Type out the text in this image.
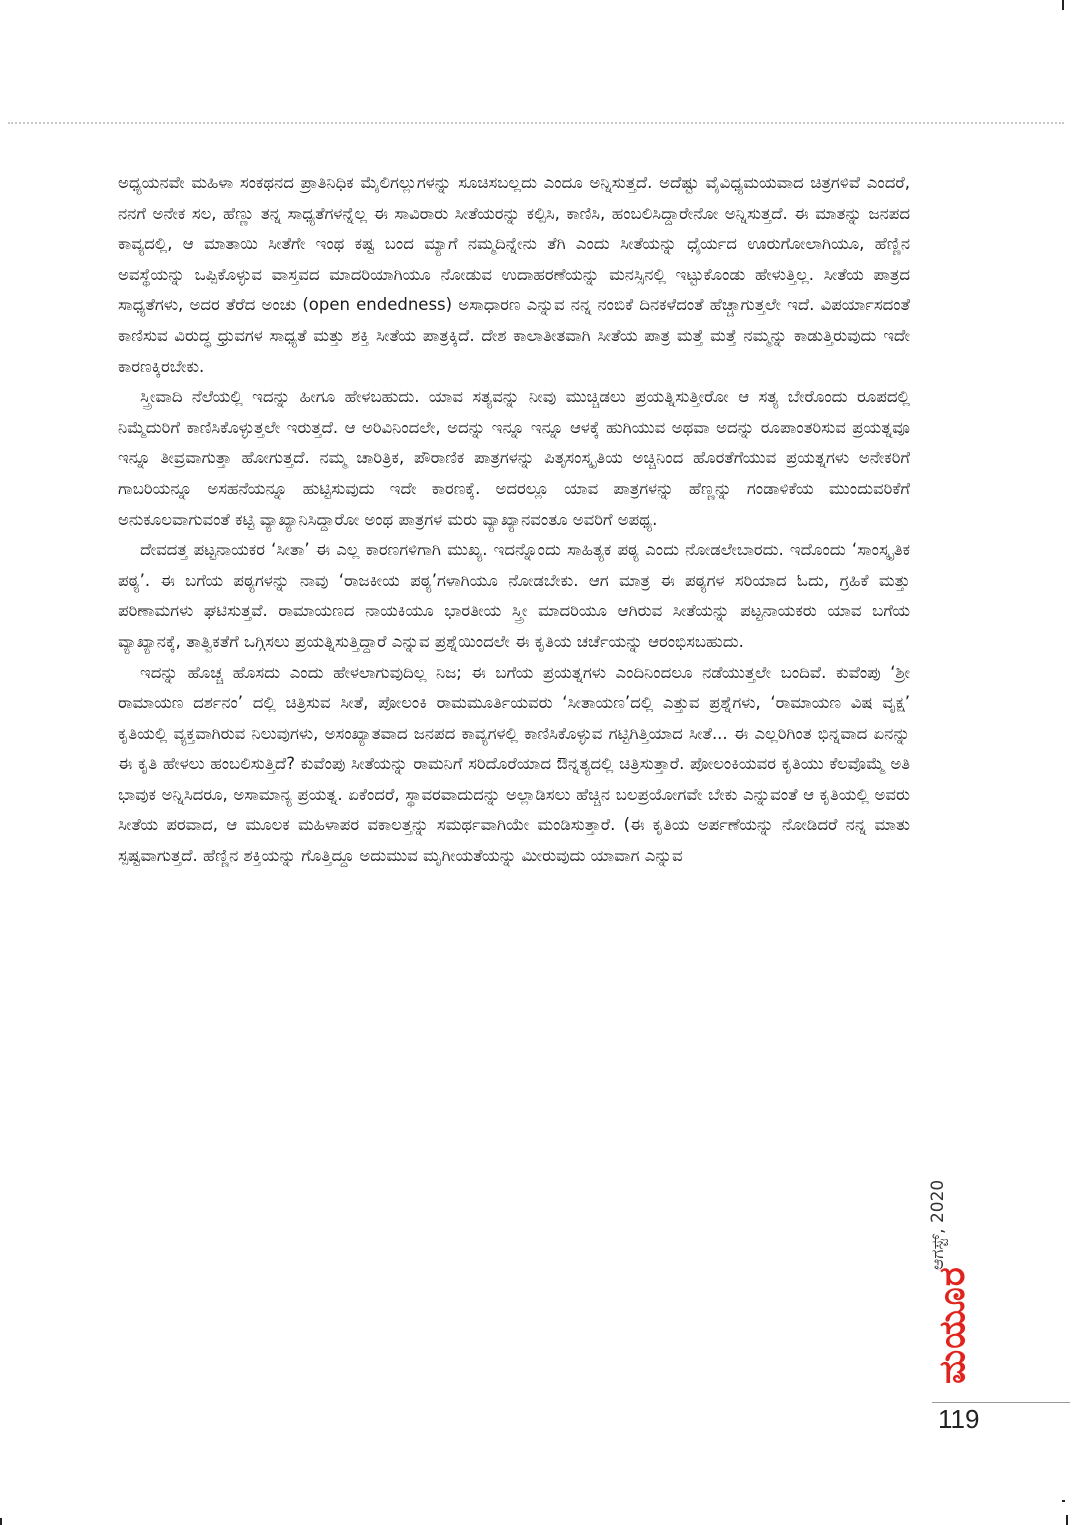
ಅಧ್ಯಯನವೇ ಮಹಿಳಾ ಸಂಕಥನದ ಪ್ರಾತಿನಿಧಿಕ ಮೈಲಿಗಲ್ಲುಗಳನ್ನು ಸೂಚಿಸಬಲ್ಲದು ಎಂದೂ ಅನ್ನಿಸುತ್ತದೆ. ಅದೆಷ್ಟು ವೈವಿಧ್ಯಮಯವಾದ ಚಿತ್ರಗಳಿವೆ ಎಂದರೆ, ನನಗೆ ಅನೇಕ ಸಲ, ಹೆಣ್ಣು ತನ್ನ ಸಾಧ್ಯತೆಗಳನ್ನೆಲ್ಲ ಈ ಸಾವಿರಾರು ಸೀತೆಯರನ್ನು ಕಲ್ಪಿಸಿ, ಕಾಣಿಸಿ, ಹಂಬಲಿಸಿದ್ದಾರೇನೋ ಅನ್ನಿಸುತ್ತದೆ. ಈ ಮಾತನ್ನು ಜನಪದ ಕಾವ್ಯದಲ್ಲಿ, ಆ ಮಾತಾಯಿ ಸೀತೆಗೇ ಇಂಥ ಕಷ್ಟ ಬಂದ ಮ್ಯಾಗೆ ನಮ್ಮದಿನ್ನೇನು ತೆಗಿ ಎಂದು ಸೀತೆಯನ್ನು ಧೈರ್ಯದ ಊರುಗೋಲಾಗಿಯೂ, ಹೆಣ್ಣಿನ ಅವಸ್ಥೆಯನ್ನು ಒಪ್ಪಿಕೊಳ್ಳುವ ವಾಸ್ತವದ ಮಾದರಿಯಾಗಿಯೂ ನೋಡುವ ಉದಾಹರಣೆಯನ್ನು ಮನಸ್ಸಿನಲ್ಲಿ ಇಟ್ಟುಕೊಂಡು ಹೇಳುತ್ತಿಲ್ಲ. ಸೀತೆಯ ಪಾತ್ರದ ಸಾಧ್ಯತೆಗಳು, ಅದರ ತೆರೆದ ಅಂಚು (open endedness) ಅಸಾಧಾರಣ ಎನ್ನುವ ನನ್ನ ನಂಬಿಕೆ ದಿನಕಳೆದಂತೆ ಹೆಚ್ಚಾಗುತ್ತಲೇ ಇದೆ. ವಿಪರ್ಯಾಸದಂತೆ ಕಾಣಿಸುವ ವಿರುದ್ಧ ಧ್ರುವಗಳ ಸಾಧ್ಯತೆ ಮತ್ತು ಶಕ್ತಿ ಸೀತೆಯ ಪಾತ್ರಕ್ಕಿದೆ. ದೇಶ ಕಾಲಾತೀತವಾಗಿ ಸೀತೆಯ ಪಾತ್ರ ಮತ್ತೆ ಮತ್ತೆ ನಮ್ಮನ್ನು ಕಾಡುತ್ತಿರುವುದು ಇದೇ ಕಾರಣಕ್ಕಿರಬೇಕು.

ಸ್ತ್ರೀವಾದಿ ನೆಲೆಯಲ್ಲಿ ಇದನ್ನು ಹೀಗೂ ಹೇಳಬಹುದು. ಯಾವ ಸತ್ಯವನ್ನು ನೀವು ಮುಚ್ಚಿಡಲು ಪ್ರಯತ್ನಿಸುತ್ತೀರೋ ಆ ಸತ್ಯ ಬೇರೊಂದು ರೂಪದಲ್ಲಿ ನಿಮ್ಮೆದುರಿಗೆ ಕಾಣಿಸಿಕೊಳ್ಳುತ್ತಲೇ ಇರುತ್ತದೆ. ಆ ಅರಿವಿನಿಂದಲೇ, ಅದನ್ನು ಇನ್ನೂ ಇನ್ನೂ ಆಳಕ್ಕೆ ಹುಗಿಯುವ ಅಥವಾ ಅದನ್ನು ರೂಪಾಂತರಿಸುವ ಪ್ರಯತ್ನವೂ ಇನ್ನೂ ತೀವ್ರವಾಗುತ್ತಾ ಹೋಗುತ್ತದೆ. ನಮ್ಮ ಚಾರಿತ್ರಿಕ, ಪೌರಾಣಿಕ ಪಾತ್ರಗಳನ್ನು ಪಿತೃಸಂಸ್ಕೃತಿಯ ಅಚ್ಚಿನಿಂದ ಹೊರತೆಗೆಯುವ ಪ್ರಯತ್ನಗಳು ಅನೇಕರಿಗೆ ಗಾಬರಿಯನ್ನೂ ಅಸಹನೆಯನ್ನೂ ಹುಟ್ಟಿಸುವುದು ಇದೇ ಕಾರಣಕ್ಕೆ. ಅದರಲ್ಲೂ ಯಾವ ಪಾತ್ರಗಳನ್ನು ಹೆಣ್ಣನ್ನು ಗಂಡಾಳಿಕೆಯ ಮುಂದುವರಿಕೆಗೆ ಅನುಕೂಲವಾಗುವಂತೆ ಕಟ್ಟಿ ವ್ಯಾಖ್ಯಾನಿಸಿದ್ದಾರೋ ಅಂಥ ಪಾತ್ರಗಳ ಮರು ವ್ಯಾಖ್ಯಾನವಂತೂ ಅವರಿಗೆ ಅಪಥ್ಯ.

ದೇವದತ್ತ ಪಟ್ಟನಾಯಕರ ‘ಸೀತಾ’ ಈ ಎಲ್ಲ ಕಾರಣಗಳಿಗಾಗಿ ಮುಖ್ಯ. ಇದನ್ನೊಂದು ಸಾಹಿತ್ಯಕ ಪಠ್ಯ ಎಂದು ನೋಡಲೇಬಾರದು. ಇದೊಂದು ‘ಸಾಂಸ್ಕೃತಿಕ ಪಠ್ಯ’. ಈ ಬಗೆಯ ಪಠ್ಯಗಳನ್ನು ನಾವು ‘ರಾಜಕೀಯ ಪಠ್ಯ’ಗಳಾಗಿಯೂ ನೋಡಬೇಕು. ಆಗ ಮಾತ್ರ ಈ ಪಠ್ಯಗಳ ಸರಿಯಾದ ಓದು, ಗ್ರಹಿಕೆ ಮತ್ತು ಪರಿಣಾಮಗಳು ಘಟಿಸುತ್ತವೆ. ರಾಮಾಯಣದ ನಾಯಕಿಯೂ ಭಾರತೀಯ ಸ್ತ್ರೀ ಮಾದರಿಯೂ ಆಗಿರುವ ಸೀತೆಯನ್ನು ಪಟ್ಟನಾಯಕರು ಯಾವ ಬಗೆಯ ವ್ಯಾಖ್ಯಾನಕ್ಕೆ, ತಾತ್ವಿಕತೆಗೆ ಒಗ್ಗಿಸಲು ಪ್ರಯತ್ನಿಸುತ್ತಿದ್ದಾರೆ ಎನ್ನುವ ಪ್ರಶ್ನೆಯಿಂದಲೇ ಈ ಕೃತಿಯ ಚರ್ಚೆಯನ್ನು ಆರಂಭಿಸಬಹುದು.

ಇದನ್ನು ಹೊಚ್ಚ ಹೊಸದು ಎಂದು ಹೇಳಲಾಗುವುದಿಲ್ಲ ನಿಜ; ಈ ಬಗೆಯ ಪ್ರಯತ್ನಗಳು ಎಂದಿನಿಂದಲೂ ನಡೆಯುತ್ತಲೇ ಬಂದಿವೆ. ಕುವೆಂಪು ‘ಶ್ರೀ ರಾಮಾಯಣ ದರ್ಶನಂ’ ದಲ್ಲಿ ಚಿತ್ರಿಸುವ ಸೀತೆ, ಪೋಲಂಕಿ ರಾಮಮೂರ್ತಿಯವರು ‘ಸೀತಾಯಣ’ದಲ್ಲಿ ಎತ್ತುವ ಪ್ರಶ್ನೆಗಳು, ‘ರಾಮಾಯಣ ವಿಷ ವೃಕ್ಷ’ ಕೃತಿಯಲ್ಲಿ ವ್ಯಕ್ತವಾಗಿರುವ ನಿಲುವುಗಳು, ಅಸಂಖ್ಯಾತವಾದ ಜನಪದ ಕಾವ್ಯಗಳಲ್ಲಿ ಕಾಣಿಸಿಕೊಳ್ಳುವ ಗಟ್ಟಿಗಿತ್ತಿಯಾದ ಸೀತೆ... ಈ ಎಲ್ಲರಿಗಿಂತ ಭಿನ್ನವಾದ ಏನನ್ನು ಈ ಕೃತಿ ಹೇಳಲು ಹಂಬಲಿಸುತ್ತಿದೆ? ಕುವೆಂಪು ಸೀತೆಯನ್ನು ರಾಮನಿಗೆ ಸರಿದೊರೆಯಾದ ಔನ್ನತ್ಯದಲ್ಲಿ ಚಿತ್ರಿಸುತ್ತಾರೆ. ಪೋಲಂಕಿಯವರ ಕೃತಿಯು ಕೆಲವೊಮ್ಮೆ ಅತಿ ಭಾವುಕ ಅನ್ನಿಸಿದರೂ, ಅಸಾಮಾನ್ಯ ಪ್ರಯತ್ನ. ಏಕೆಂದರೆ, ಸ್ಥಾವರವಾದುದನ್ನು ಅಲ್ಲಾಡಿಸಲು ಹೆಚ್ಚಿನ ಬಲಪ್ರಯೋಗವೇ ಬೇಕು ಎನ್ನುವಂತೆ ಆ ಕೃತಿಯಲ್ಲಿ ಅವರು ಸೀತೆಯ ಪರವಾದ, ಆ ಮೂಲಕ ಮಹಿಳಾಪರ ವಕಾಲತ್ತನ್ನು ಸಮರ್ಥವಾಗಿಯೇ ಮಂಡಿಸುತ್ತಾರೆ. (ಈ ಕೃತಿಯ ಅರ್ಪಣೆಯನ್ನು ನೋಡಿದರೆ ನನ್ನ ಮಾತು ಸ್ಪಷ್ಟವಾಗುತ್ತದೆ. ಹೆಣ್ಣಿನ ಶಕ್ತಿಯನ್ನು ಗೊತ್ತಿದ್ದೂ ಅದುಮುವ ಮೃಗೀಯತೆಯನ್ನು ಮೀರುವುದು ಯಾವಾಗ ಎನ್ನುವ

ಆಗಸ್ಟ್, 2020
ಮಯೂರ
119
